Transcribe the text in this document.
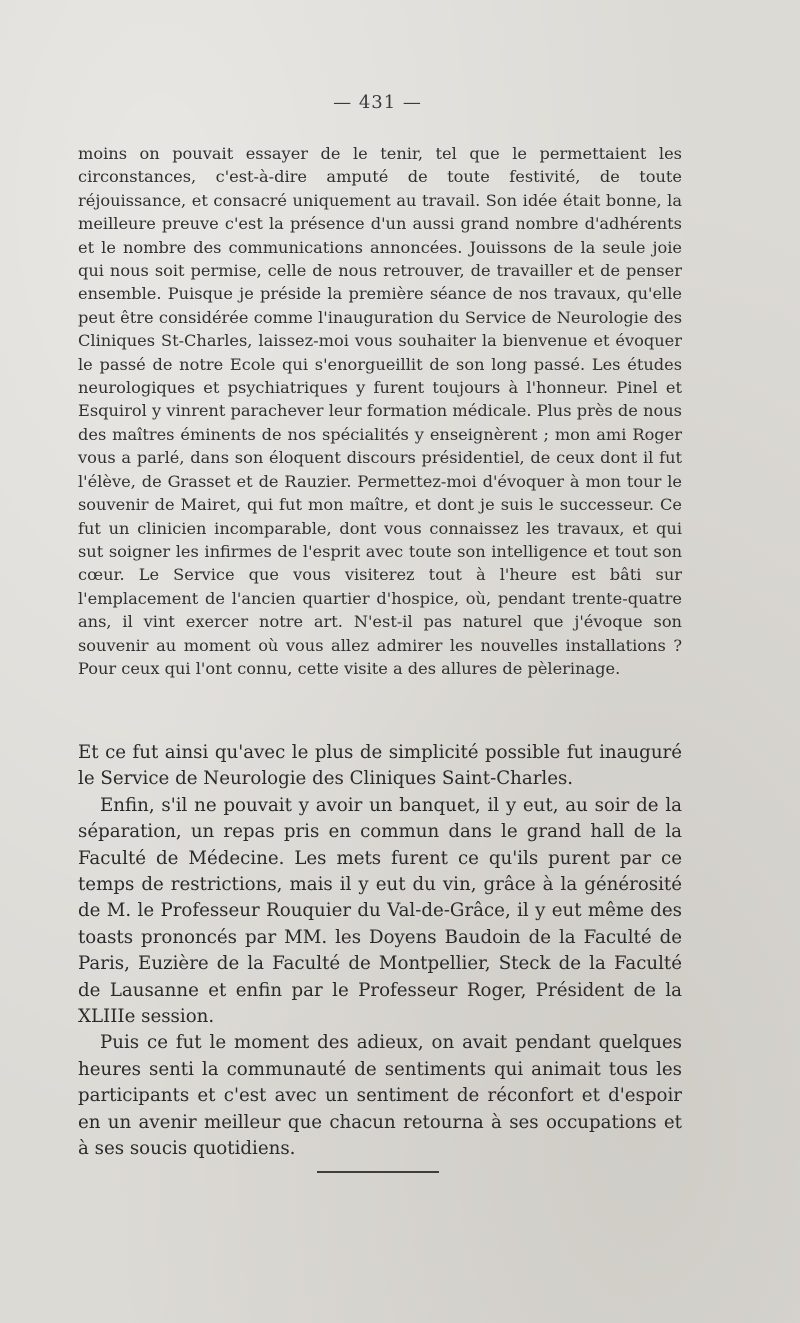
— 431 —

moins on pouvait essayer de le tenir, tel que le permettaient les circonstances, c'est-à-dire amputé de toute festivité, de toute réjouissance, et consacré uniquement au travail. Son idée était bonne, la meilleure preuve c'est la présence d'un aussi grand nombre d'adhérents et le nombre des communications annoncées. Jouissons de la seule joie qui nous soit permise, celle de nous retrouver, de travailler et de penser ensemble. Puisque je préside la première séance de nos travaux, qu'elle peut être considérée comme l'inauguration du Service de Neurologie des Cliniques St-Charles, laissez-moi vous souhaiter la bienvenue et évoquer le passé de notre Ecole qui s'enorgueillit de son long passé. Les études neurologiques et psychiatriques y furent toujours à l'honneur. Pinel et Esquirol y vinrent parachever leur formation médicale. Plus près de nous des maîtres éminents de nos spécialités y enseignèrent ; mon ami Roger vous a parlé, dans son éloquent discours présidentiel, de ceux dont il fut l'élève, de Grasset et de Rauzier. Permettez-moi d'évoquer à mon tour le souvenir de Mairet, qui fut mon maître, et dont je suis le successeur. Ce fut un clinicien incomparable, dont vous connaissez les travaux, et qui sut soigner les infirmes de l'esprit avec toute son intelligence et tout son cœur. Le Service que vous visiterez tout à l'heure est bâti sur l'emplacement de l'ancien quartier d'hospice, où, pendant trente-quatre ans, il vint exercer notre art. N'est-il pas naturel que j'évoque son souvenir au moment où vous allez admirer les nouvelles installations ? Pour ceux qui l'ont connu, cette visite a des allures de pèlerinage.

Et ce fut ainsi qu'avec le plus de simplicité possible fut inauguré le Service de Neurologie des Cliniques Saint-Charles.

Enfin, s'il ne pouvait y avoir un banquet, il y eut, au soir de la séparation, un repas pris en commun dans le grand hall de la Faculté de Médecine. Les mets furent ce qu'ils purent par ce temps de restrictions, mais il y eut du vin, grâce à la générosité de M. le Professeur Rouquier du Val-de-Grâce, il y eut même des toasts prononcés par MM. les Doyens Baudoin de la Faculté de Paris, Euzière de la Faculté de Montpellier, Steck de la Faculté de Lausanne et enfin par le Professeur Roger, Président de la XLIIIe session.

Puis ce fut le moment des adieux, on avait pendant quelques heures senti la communauté de sentiments qui animait tous les participants et c'est avec un sentiment de réconfort et d'espoir en un avenir meilleur que chacun retourna à ses occupations et à ses soucis quotidiens.
